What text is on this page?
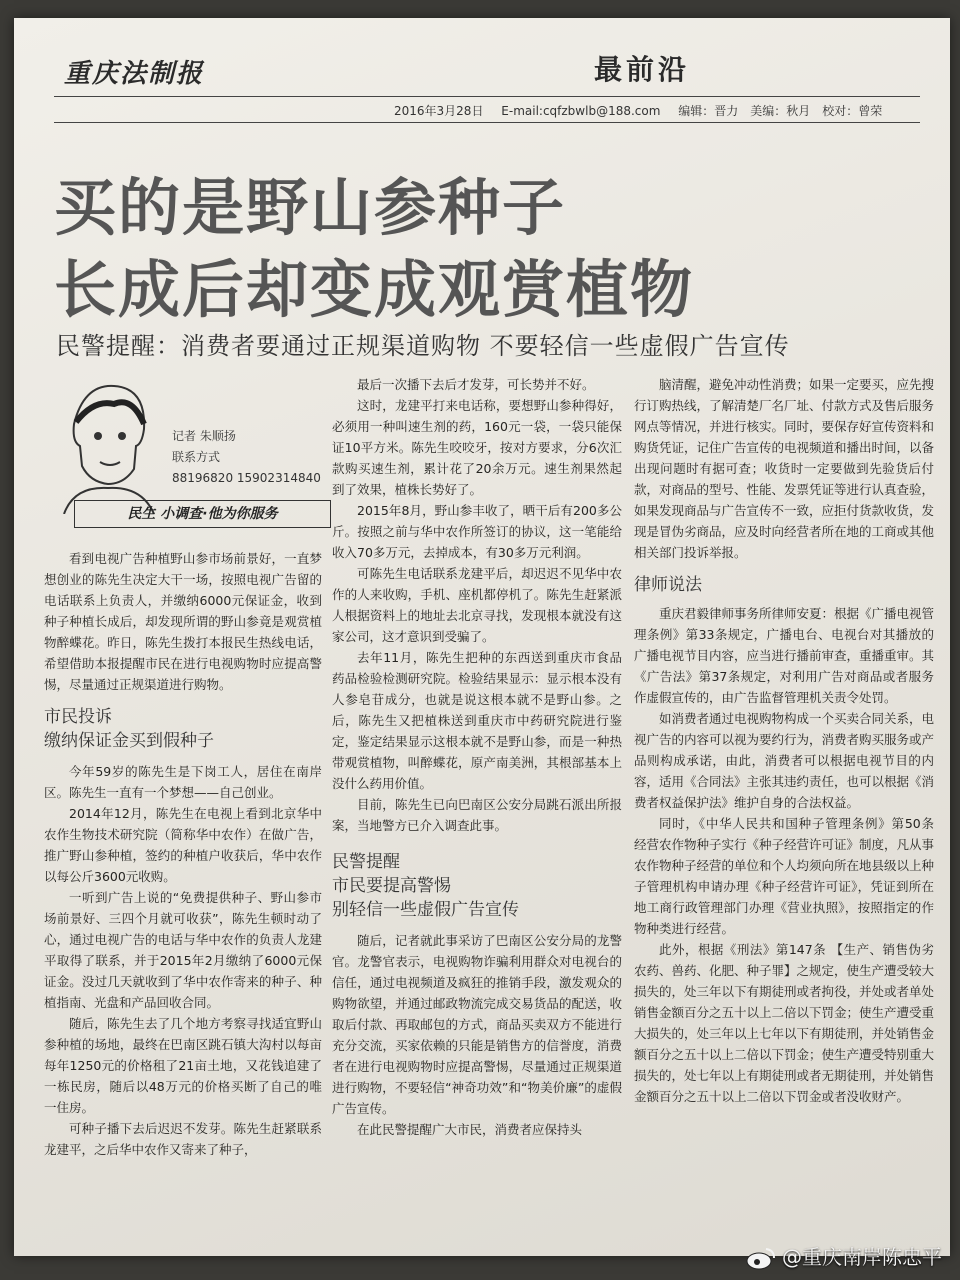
重庆法制报	最前沿
2016年3月28日 E-mail:cqfzbwlb@188.com 编辑：晋力　美编：秋月　校对：曾荣
买的是野山参种子
长成后却变成观赏植物
民警提醒：消费者要通过正规渠道购物 不要轻信一些虚假广告宣传
记者 朱顺扬
联系方式
88196820 15902314840
民生 小调查·他为你服务

看到电视广告种植野山参市场前景好，一直梦想创业的陈先生决定大干一场，按照电视广告留的电话联系上负责人，并缴纳6000元保证金，收到种子种植长成后，却发现所谓的野山参竟是观赏植物醉蝶花。昨日，陈先生拨打本报民生热线电话，希望借助本报提醒市民在进行电视购物时应提高警惕，尽量通过正规渠道进行购物。

市民投诉
缴纳保证金买到假种子

今年59岁的陈先生是下岗工人，居住在南岸区。陈先生一直有一个梦想——自己创业。

2014年12月，陈先生在电视上看到北京华中农作生物技术研究院（简称华中农作）在做广告，推广野山参种植，签约的种植户收获后，华中农作以每公斤3600元收购。

一听到广告上说的“免费提供种子、野山参市场前景好、三四个月就可收获”，陈先生顿时动了心，通过电视广告的电话与华中农作的负责人龙建平取得了联系，并于2015年2月缴纳了6000元保证金。没过几天就收到了华中农作寄来的种子、种植指南、光盘和产品回收合同。

随后，陈先生去了几个地方考察寻找适宜野山参种植的场地，最终在巴南区跳石镇大沟村以每亩每年1250元的价格租了21亩土地，又花钱追建了一栋民房，随后以48万元的价格买断了自己的唯一住房。

可种子播下去后迟迟不发芽。陈先生赶紧联系龙建平，之后华中农作又寄来了种子，

最后一次播下去后才发芽，可长势并不好。

这时，龙建平打来电话称，要想野山参种得好，必须用一种叫速生剂的药，160元一袋，一袋只能保证10平方米。陈先生咬咬牙，按对方要求，分6次汇款购买速生剂，累计花了20余万元。速生剂果然起到了效果，植株长势好了。

2015年8月，野山参丰收了，晒干后有200多公斤。按照之前与华中农作所签订的协议，这一笔能给收入70多万元，去掉成本，有30多万元利润。

可陈先生电话联系龙建平后，却迟迟不见华中农作的人来收购，手机、座机都停机了。陈先生赶紧派人根据资料上的地址去北京寻找，发现根本就没有这家公司，这才意识到受骗了。

去年11月，陈先生把种的东西送到重庆市食品药品检验检测研究院。检验结果显示：显示根本没有人参皂苷成分，也就是说这根本就不是野山参。之后，陈先生又把植株送到重庆市中药研究院进行鉴定，鉴定结果显示这根本就不是野山参，而是一种热带观赏植物，叫醉蝶花，原产南美洲，其根部基本上没什么药用价值。

目前，陈先生已向巴南区公安分局跳石派出所报案，当地警方已介入调查此事。

民警提醒
市民要提高警惕
别轻信一些虚假广告宣传

随后，记者就此事采访了巴南区公安分局的龙警官。龙警官表示，电视购物诈骗利用群众对电视台的信任，通过电视频道及疯狂的推销手段，激发观众的购物欲望，并通过邮政物流完成交易货品的配送，收取后付款、再取邮包的方式，商品买卖双方不能进行充分交流，买家依赖的只能是销售方的信誉度，消费者在进行电视购物时应提高警惕，尽量通过正规渠道进行购物，不要轻信“神奇功效”和“物美价廉”的虚假广告宣传。

在此民警提醒广大市民，消费者应保持头

脑清醒，避免冲动性消费；如果一定要买，应先搜行订购热线，了解清楚厂名厂址、付款方式及售后服务网点等情况，并进行核实。同时，要保存好宣传资料和购货凭证，记住广告宣传的电视频道和播出时间，以备出现问题时有据可查；收货时一定要做到先验货后付款，对商品的型号、性能、发票凭证等进行认真查验，如果发现商品与广告宣传不一致，应拒付货款收货，发现是冒伪劣商品，应及时向经营者所在地的工商或其他相关部门投诉举报。

律师说法

重庆君毅律师事务所律师安夏：根据《广播电视管理条例》第33条规定，广播电台、电视台对其播放的广播电视节目内容，应当进行播前审查，重播重审。其《广告法》第37条规定，对利用广告对商品或者服务作虚假宣传的，由广告监督管理机关责令处罚。

如消费者通过电视购物构成一个买卖合同关系，电视广告的内容可以视为要约行为，消费者购买服务或产品则构成承诺，由此，消费者可以根据电视节目的内容，适用《合同法》主张其违约责任，也可以根据《消费者权益保护法》维护自身的合法权益。

同时，《中华人民共和国种子管理条例》第50条 经营农作物种子实行《种子经营许可证》制度，凡从事农作物种子经营的单位和个人均须向所在地县级以上种子管理机构申请办理《种子经营许可证》，凭证到所在地工商行政管理部门办理《营业执照》，按照指定的作物种类进行经营。

此外，根据《刑法》第147条 【生产、销售伪劣农药、兽药、化肥、种子罪】之规定，使生产遭受较大损失的，处三年以下有期徒刑或者拘役，并处或者单处销售金额百分之五十以上二倍以下罚金；使生产遭受重大损失的，处三年以上七年以下有期徒刑，并处销售金额百分之五十以上二倍以下罚金；使生产遭受特别重大损失的，处七年以上有期徒刑或者无期徒刑，并处销售金额百分之五十以上二倍以下罚金或者没收财产。

@重庆南岸陈忠平
